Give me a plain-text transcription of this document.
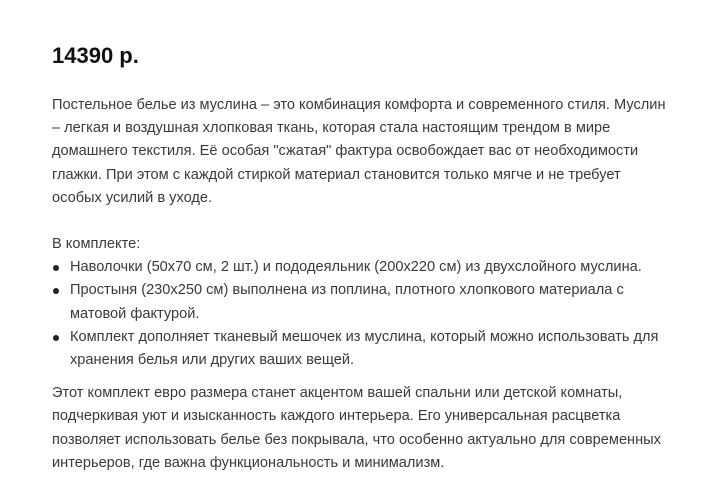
14390 р.
Постельное белье из муслина – это комбинация комфорта и современного стиля. Муслин – легкая и воздушная хлопковая ткань, которая стала настоящим трендом в мире домашнего текстиля. Её особая "сжатая" фактура освобождает вас от необходимости глажки. При этом с каждой стиркой материал становится только мягче и не требует особых усилий в уходе.
В комплекте:
Наволочки (50х70 см, 2 шт.) и пододеяльник (200х220 см) из двухслойного муслина.
Простыня (230х250 см) выполнена из поплина, плотного хлопкового материала с матовой фактурой.
Комплект дополняет тканевый мешочек из муслина, который можно использовать для хранения белья или других ваших вещей.
Этот комплект евро размера станет акцентом вашей спальни или детской комнаты, подчеркивая уют и изысканность каждого интерьера. Его универсальная расцветка позволяет использовать белье без покрывала, что особенно актуально для современных интерьеров, где важна функциональность и минимализм.
